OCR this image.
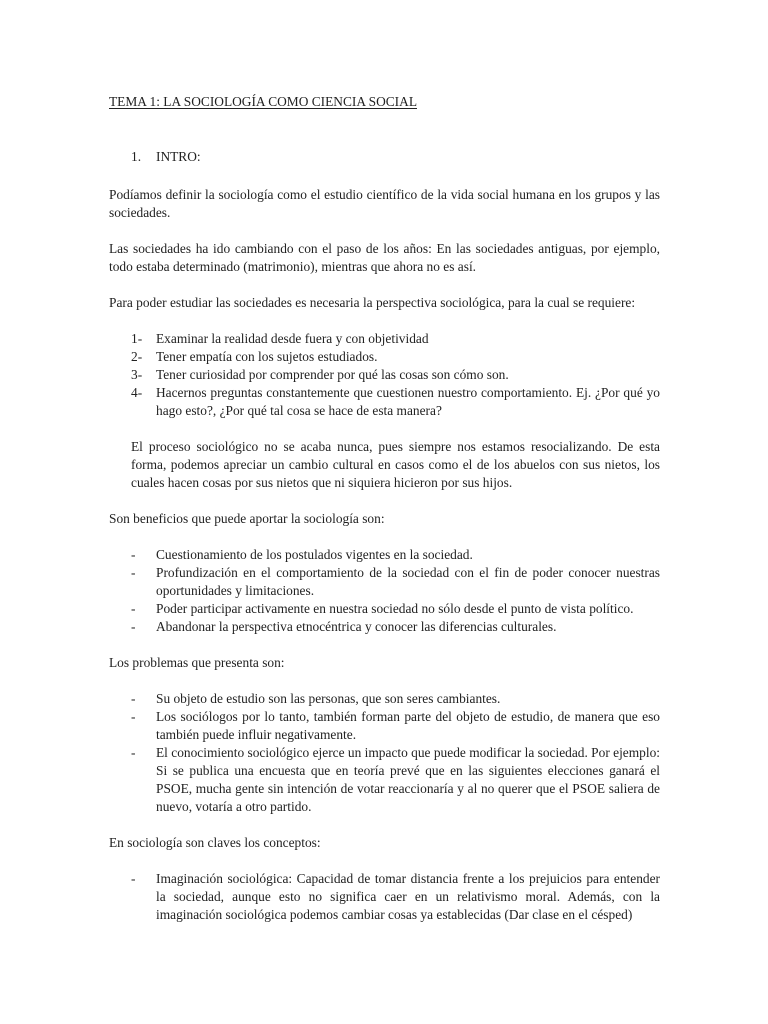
TEMA 1: LA SOCIOLOGÍA COMO CIENCIA SOCIAL
1.	INTRO:

Podíamos definir la sociología como el estudio científico de la vida social humana en los grupos y las sociedades.

Las sociedades ha ido cambiando con el paso de los años: En las sociedades antiguas, por ejemplo, todo estaba determinado (matrimonio), mientras que ahora no es así.

Para poder estudiar las sociedades es necesaria la perspectiva sociológica, para la cual se requiere:

1- Examinar la realidad desde fuera y con objetividad
2- Tener empatía con los sujetos estudiados.
3- Tener curiosidad por comprender por qué las cosas son cómo son.
4- Hacernos preguntas constantemente que cuestionen nuestro comportamiento. Ej. ¿Por qué yo hago esto?, ¿Por qué tal cosa se hace de esta manera?

El proceso sociológico no se acaba nunca, pues siempre nos estamos resocializando. De esta forma, podemos apreciar un cambio cultural en casos como el de los abuelos con sus nietos, los cuales hacen cosas por sus nietos que ni siquiera hicieron por sus hijos.

Son beneficios que puede aportar la sociología son:

- Cuestionamiento de los postulados vigentes en la sociedad.
- Profundización en el comportamiento de la sociedad con el fin de poder conocer nuestras oportunidades y limitaciones.
- Poder participar activamente en nuestra sociedad no sólo desde el punto de vista político.
- Abandonar la perspectiva etnocéntrica y conocer las diferencias culturales.

Los problemas que presenta son:

- Su objeto de estudio son las personas, que son seres cambiantes.
- Los sociólogos por lo tanto, también forman parte del objeto de estudio, de manera que eso también puede influir negativamente.
- El conocimiento sociológico ejerce un impacto que puede modificar la sociedad. Por ejemplo: Si se publica una encuesta que en teoría prevé que en las siguientes elecciones ganará el PSOE, mucha gente sin intención de votar reaccionaría y al no querer que el PSOE saliera de nuevo, votaría a otro partido.

En sociología son claves los conceptos:

- Imaginación sociológica: Capacidad de tomar distancia frente a los prejuicios para entender la sociedad, aunque esto no significa caer en un relativismo moral. Además, con la imaginación sociológica podemos cambiar cosas ya establecidas (Dar clase en el césped)
